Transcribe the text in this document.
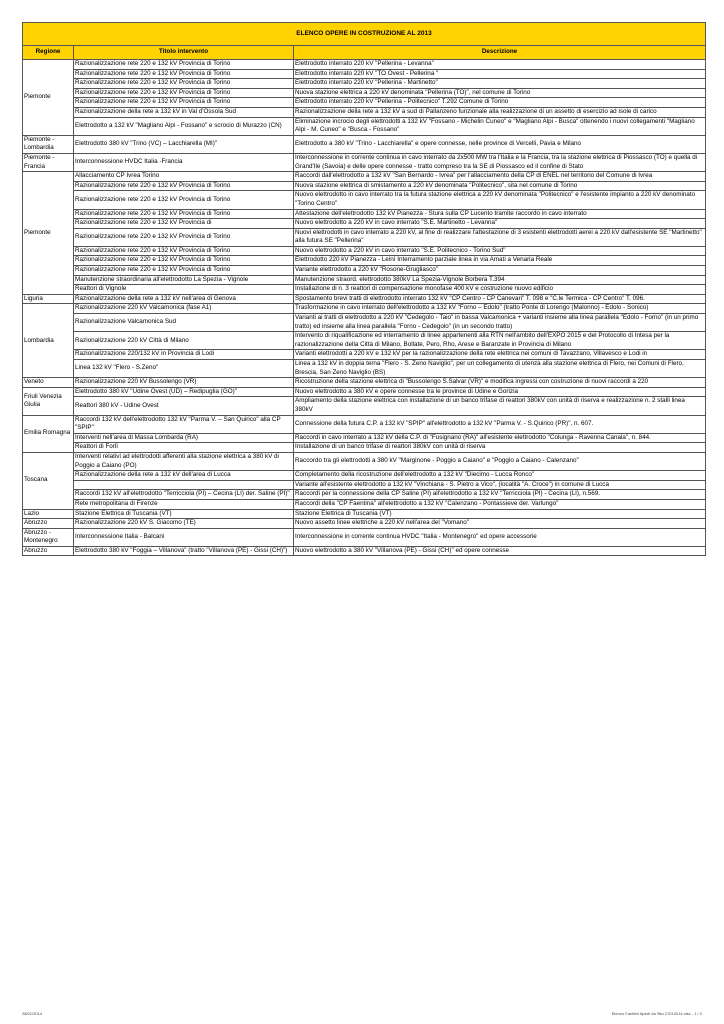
ELENCO OPERE IN COSTRUZIONE AL 2013		
Regione	Titolo intervento	Descrizione
Piemonte	Razionalizzazione rete 220 e 132 kV Provincia di Torino	Elettrodotto interrato 220 kV "Pellerina - Levanna"
	Razionalizzazione rete 220 e 132 kV Provincia di Torino	Elettrodotto interrato 220 kV "TO Ovest - Pellerina "
	Razionalizzazione rete 220 e 132 kV Provincia di Torino	Elettrodotto interrato 220 kV "Pellerina - Martinetto"
	Razionalizzazione rete 220 e 132 kV Provincia di Torino	Nuova stazione elettrica a 220 kV denominata "Pellerina (TO)", nel comune di Torino
	Razionalizzazione rete 220 e 132 kV Provincia di Torino	Elettrodotto interrato 220 kV "Pellerina - Politecnico" T.292 Comune di Torino
	Razionalizzazione della rete a 132 kV in Val d'Ossola Sud	Razionalizzazione della rete a 132 kV a sud di Pallanzeno funzionale alla realizzazione di un assetto di esercizio ad isole di carico
	Elettrodotto a 132 kV "Magliano Alpi - Fossano" e scrocio di Murazzo (CN)	Eliminazione incrocio degli elettrodotti a 132 kV "Fossano - Michelin Cuneo" e "Magliano Alpi - Busca" ottenendo i nuovi collegamenti "Magliano Alpi - M. Cuneo" e "Busca - Fossano"
Piemonte - Lombardia	Elettrodotto 380 kV "Trino (VC) – Lacchiarella (MI)"	Elettrodotto a 380 kV "Trino - Lacchiarella" e opere connesse, nelle province di Vercelli, Pavia e Milano
Piemonte - Francia	Interconnessione HVDC Italia -Francia	Interconnessione in corrente continua in cavo interrato da 2x500 MW tra l'Italia e la Francia, tra la stazione elettrica di Piossasco (TO) e quella di Grand'Ile (Savoia) e delle opere connesse - tratto compreso tra la SE di Piossasco ed il confine di Stato
Piemonte	Allacciamento CP Ivrea Torino	Raccordi dall'elettrodotto a 132 kV "San Bernardo - Ivrea" per l'allacciamento della CP di ENEL nel territorio del Comune di Ivrea
	Razionalizzazione rete 220 e 132 kV Provincia di Torino	Nuova stazione elettrica di smistamento a 220 kV denominata "Politecnico", sita nel comune di Torino
	Razionalizzazione rete 220 e 132 kV Provincia di Torino	Nuovo elettrodotto in cavo interrato tra la futura stazione elettrica a 220 kV denominata "Politecnico" e l'esistente impianto a 220 kV denominato "Torino Centro"
	Razionalizzazione rete 220 e 132 kV Provincia di Torino	Attestazione dell'elettrodotto 132 kV Pianezza - Stura sulla CP Lucento tramite raccordo in cavo interrato
	Razionalizzazione rete 220 e 132 kV Provincia di	Nuovo elettrodotto a 220 kV in cavo interrato "S.E. Martinetto - Levanna"
	Razionalizzazione rete 220 e 132 kV Provincia di Torino	Nuovi elettrodotti in cavo interrato a 220 kV, al fine di realizzare l'attestazione di 3 esistenti elettrodotti aerei a 220 kV dall'esistente SE "Martinetto" alla futura SE "Pellerina"
	Razionalizzazione rete 220 e 132 kV Provincia di Torino	Nuovo elettrodotto a 220 kV in cavo interrato "S.E. Politecnico - Torino Sud"
	Razionalizzazione rete 220 e 132 kV Provincia di Torino	Elettrodotto 220 kV Pianezza - Leinì Interramento parziale linea in via Amati a Venaria Reale
	Razionalizzazione rete 220 e 132 kV Provincia di Torino	Variante elettrodotto a 220 kV "Rosone-Grugliasco"
	Manutenzione straordinaria all'elettrodotto La Spezia - Vignole	Manutenzione straord. elettrodotto 380kV La Spezia-Vignole Borbera T.394
	Reattori di Vignole	Installazione di n. 3 reattori di compensazione monofase 400 kV e costruzione nuovo edificio
Liguria	Razionalizzazione della rete a 132 kV nell'area di Genova	Spostamento brevi tratti di elettrodotto interrato 132 kV "CP Centro - CP Canevari" T. 098 e "C.le Termica - CP Centro" T. 096.
Lombardia	Razionalizzazione 220 kV Valcamonica (fase A1)	Trasformazione in cavo interrato dell'elettrodotto a 132 kV "Forno – Edolo" (tratto Ponte di Lorengo (Malonno) - Edolo - Sonico)
	Razionalizzazione Valcamonica Sud	Varianti ai tratti di elettrodotto a 220 kV "Cedegolo - Taio" in bassa Valcamonica + varianti insieme alla linea parallela "Edolo - Forno" (in un primo tratto) ed insieme alla linea parallela "Forno - Cedegolo" (in un secondo tratto)
	Razionalizzazione 220 kV Città di Milano	Intervento di riqualificazione ed interramento di linee appartenenti alla RTN nell'ambito dell'EXPO 2015 e del Protocollo di Intesa per la razionalizzazione della Città di Milano, Bollate, Pero, Rho, Arese e Baranzate in Provincia di Milano
	Razionalizzazione 220/132 kV in Provincia di Lodi	Varianti elettrodotti a 220 kV e 132 kV per la razionalizzazione della rete elettrica nei comuni di Tavazzano, Villavesco e Lodi in
	Linea 132 kV "Flero - S.Zeno"	Linea a 132 kV in doppia terna "Flero - S. Zeno Naviglio", per un collegamento di utenza alla stazione elettrica di Flero, nei Comuni di Flero, Brescia, San Zeno Naviglio (BS)
Veneto	Razionalizzazione 220 kV Bussolengo (VR)	Ricostruzione della stazione elettrica di "Bussolengo S.Salvar (VR)" e modifica ingressi con costruzione di nuovi raccordi a 220
Friuli Venezia Giulia	Elettrodotto 380 kV "Udine Ovest (UD) – Redipuglia (GO)"	Nuovo elettrodotto a 380 kV e opere connesse tra le province di Udine e Gorizia
	Reattori 380 kV - Udine Ovest	Ampliamento della stazione elettrica con installazione di un banco trifase di reattori 380kV con unità di riserva e realizzazione n. 2 stalli linea 380kV
Emilia Romagna	Raccordi 132 kV dell'elettrodotto 132 kV "Parma V. – San Quirico" alla CP "SPIP"	Connessione della futura C.P. a 132 kV "SPIP" all'elettrodotto a 132 kV "Parma V. - S.Quirico (PR)", n. 607.
	Interventi nell'area di Massa Lombarda (RA)	Raccordi in cavo interrato a 132 kV della C.P. di "Fusignano (RA)" all'esistente elettrodotto "Colunga - Ravenna Canala", n. 844.
	Reattori di Forlì	Installazione di un banco trifase di reattori 380kV con unità di riserva
Toscana	Interventi relativi ad elettrodotti afferenti alla stazione elettrica a 380 kV di Poggio a Caiano (PO)	Raccordo tra gli elettrodotti a 380 kV "Marginone - Poggio a Caiano" e "Poggio a Caiano - Calenzano"
	Razionalizzazione della rete a 132 kV dell'area di Lucca	Completamento della ricostruzione dell'elettrodotto a 132 kV "Diecimo - Lucca Ronco"
		Variante all'esistente elettrodotto a 132 kV "Vinchiana - S. Pietro a Vico", (località "A. Croce") in comune di Lucca
	Raccordi 132 kV all'elettrodotto "Terricciola (PI) – Cecina (LI) der. Saline (PI)"	Raccordi per la connessione della CP Saline (PI) all'elettrodotto a 132 kV "Terricciola (PI) - Cecina (LI), n.569.
	Rete metropolitana di Firenze	Raccordi della "CP Faentina" all'elettrodotto a 132 kV "Calenzano - Pontassieve der. Varlungo"
Lazio	Stazione Elettrica di Tuscania (VT)	Stazione Elettrica di Tuscania (VT)
Abruzzo	Razionalizzazione 220 kV S. Giacomo (TE)	Nuovo assetto linee elettriche a 220 kV nell'area del "Vomano"
Abruzzo - Montenegro	Interconnessione Italia - Balcani	Interconnessione in corrente continua HVDC "Italia - Montenegro" ed opere accessorie
Abruzzo	Elettrodotto 380 kV "Foggia – Villanova" (tratto "Villanova (PE) - Gissi (CH)")	Nuovo elettrodotto a 380 kV "Villanova (PE) - Gissi (CH)" ed opere connesse
28/01/2014	Elenco Cantieri Aperti da Sito 27012014.xlsx - 1 / 2
